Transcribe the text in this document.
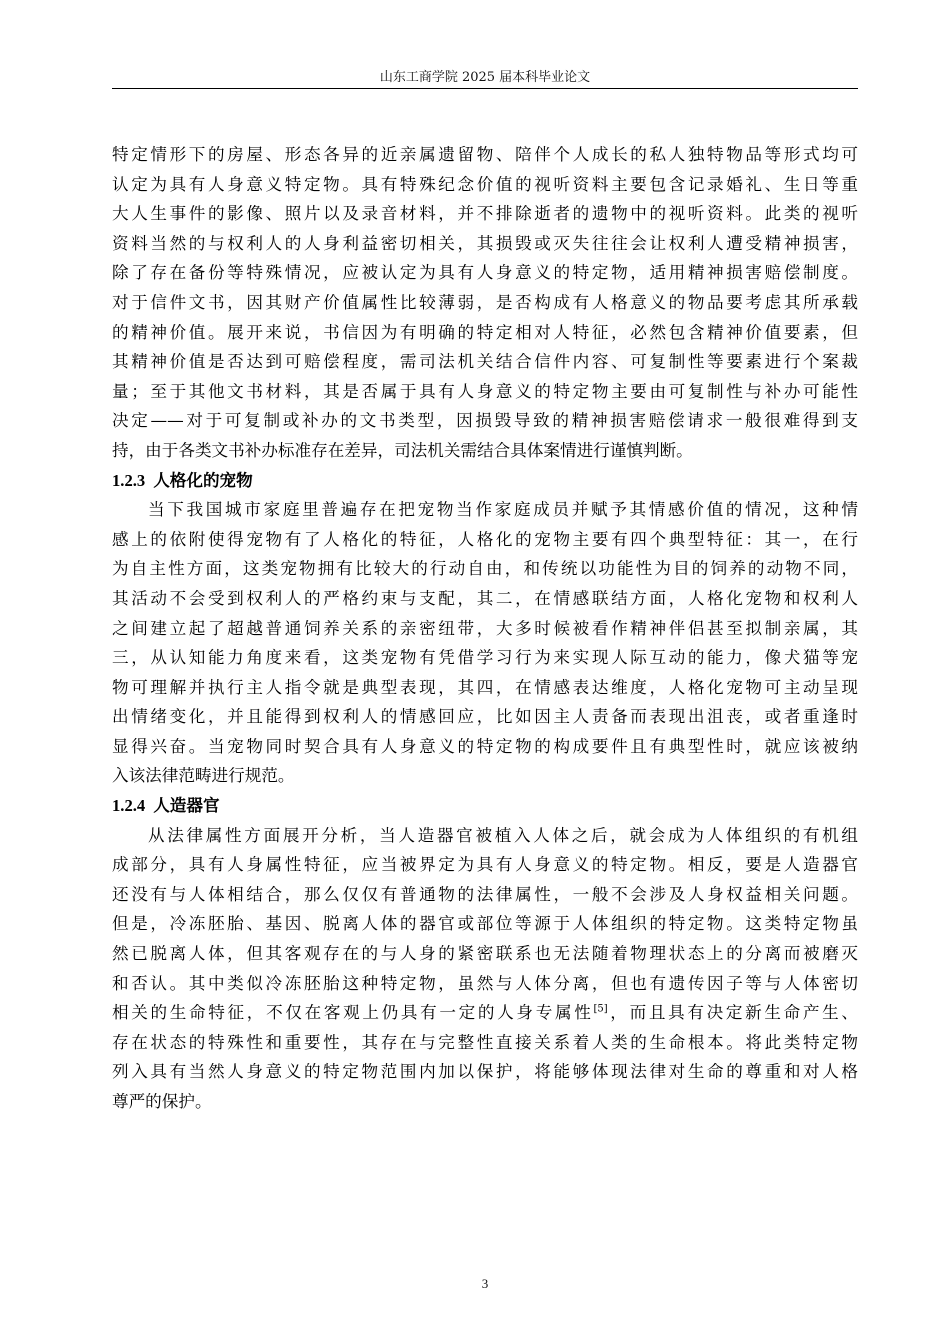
山东工商学院 2025 届本科毕业论文
特定情形下的房屋、形态各异的近亲属遗留物、陪伴个人成长的私人独特物品等形式均可
认定为具有人身意义特定物。具有特殊纪念价值的视听资料主要包含记录婚礼、生日等重
大人生事件的影像、照片以及录音材料，并不排除逝者的遗物中的视听资料。此类的视听
资料当然的与权利人的人身利益密切相关，其损毁或灭失往往会让权利人遭受精神损害，
除了存在备份等特殊情况，应被认定为具有人身意义的特定物，适用精神损害赔偿制度。
对于信件文书，因其财产价值属性比较薄弱，是否构成有人格意义的物品要考虑其所承载
的精神价值。展开来说，书信因为有明确的特定相对人特征，必然包含精神价值要素，但
其精神价值是否达到可赔偿程度，需司法机关结合信件内容、可复制性等要素进行个案裁
量；至于其他文书材料，其是否属于具有人身意义的特定物主要由可复制性与补办可能性
决定——对于可复制或补办的文书类型，因损毁导致的精神损害赔偿请求一般很难得到支
持，由于各类文书补办标准存在差异，司法机关需结合具体案情进行谨慎判断。
1.2.3 人格化的宠物
当下我国城市家庭里普遍存在把宠物当作家庭成员并赋予其情感价值的情况，这种情
感上的依附使得宠物有了人格化的特征，人格化的宠物主要有四个典型特征：其一，在行
为自主性方面，这类宠物拥有比较大的行动自由，和传统以功能性为目的饲养的动物不同，
其活动不会受到权利人的严格约束与支配，其二，在情感联结方面，人格化宠物和权利人
之间建立起了超越普通饲养关系的亲密纽带，大多时候被看作精神伴侣甚至拟制亲属，其
三，从认知能力角度来看，这类宠物有凭借学习行为来实现人际互动的能力，像犬猫等宠
物可理解并执行主人指令就是典型表现，其四，在情感表达维度，人格化宠物可主动呈现
出情绪变化，并且能得到权利人的情感回应，比如因主人责备而表现出沮丧，或者重逢时
显得兴奋。当宠物同时契合具有人身意义的特定物的构成要件且有典型性时，就应该被纳
入该法律范畴进行规范。
1.2.4 人造器官
从法律属性方面展开分析，当人造器官被植入人体之后，就会成为人体组织的有机组
成部分，具有人身属性特征，应当被界定为具有人身意义的特定物。相反，要是人造器官
还没有与人体相结合，那么仅仅有普通物的法律属性，一般不会涉及人身权益相关问题。
但是，冷冻胚胎、基因、脱离人体的器官或部位等源于人体组织的特定物。这类特定物虽
然已脱离人体，但其客观存在的与人身的紧密联系也无法随着物理状态上的分离而被磨灭
和否认。其中类似冷冻胚胎这种特定物，虽然与人体分离，但也有遗传因子等与人体密切
相关的生命特征，不仅在客观上仍具有一定的人身专属性[5]，而且具有决定新生命产生、
存在状态的特殊性和重要性，其存在与完整性直接关系着人类的生命根本。将此类特定物
列入具有当然人身意义的特定物范围内加以保护，将能够体现法律对生命的尊重和对人格
尊严的保护。
3
